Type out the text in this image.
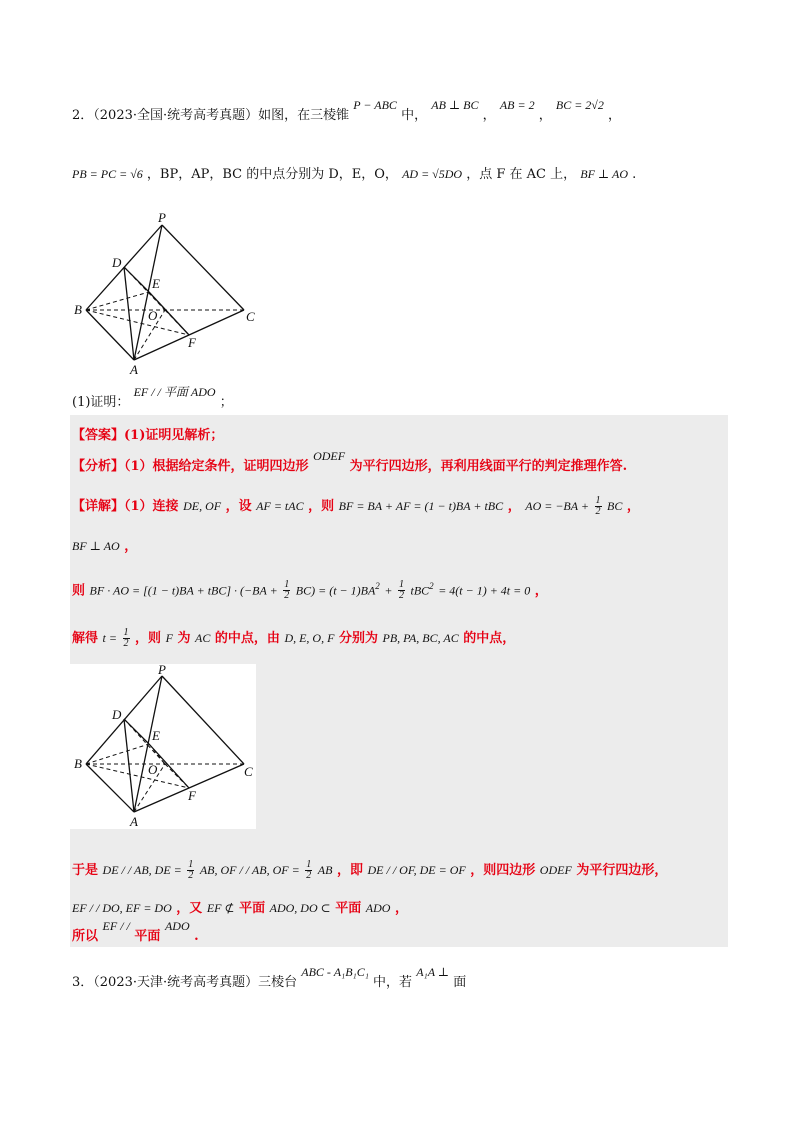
2．（2023·全国·统考高考真题）如图，在三棱锥 P − ABC 中， AB ⊥ BC ， AB = 2 ， BC = 2√2 ，
PB = PC = √6 ，BP，AP，BC 的中点分别为 D，E，O， AD = √5DO ，点 F 在 AC 上， BF ⊥ AO .
P
D
E
B	O	C
F
A
(1)证明： EF / / 平面 ADO ；
【答案】(1)证明见解析；
【分析】（1）根据给定条件，证明四边形 ODEF 为平行四边形，再利用线面平行的判定推理作答.
【详解】（1）连接 DE, OF ，设 AF = tAC ，则 BF = BA + AF = (1 − t)BA + tBC ， AO = $-BA + \frac{1}{2}$ BC ，
BF ⊥ AO ，
则 BF · AO = $[(1 - t)BA + tBC] \cdot (-BA + \frac{1}{2} BC) = (t - 1)BA^2 + \frac{1}{2} tBC^2 = 4(t - 1) + 4t = 0$ ，
解得 $t = \frac{1}{2}$ ，则 F 为 AC 的中点，由 D, E, O, F 分别为 PB, PA, BC, AC 的中点，
P
D
E
B	O	C
F
A
于是 DE / / AB, DE = $\frac{1}{2}$ AB, OF / / AB, OF = $\frac{1}{2}$ AB ，即 DE / / OF, DE = OF ，则四边形 ODEF 为平行四边形，
EF / / DO, EF = DO ，又 EF ⊄ 平面 ADO, DO ⊂ 平面 ADO ，
所以 EF / / 平面 ADO .
3．（2023·天津·统考高考真题）三棱台 ABC - A₁B₁C₁ 中，若 A₁A ⊥ 面
